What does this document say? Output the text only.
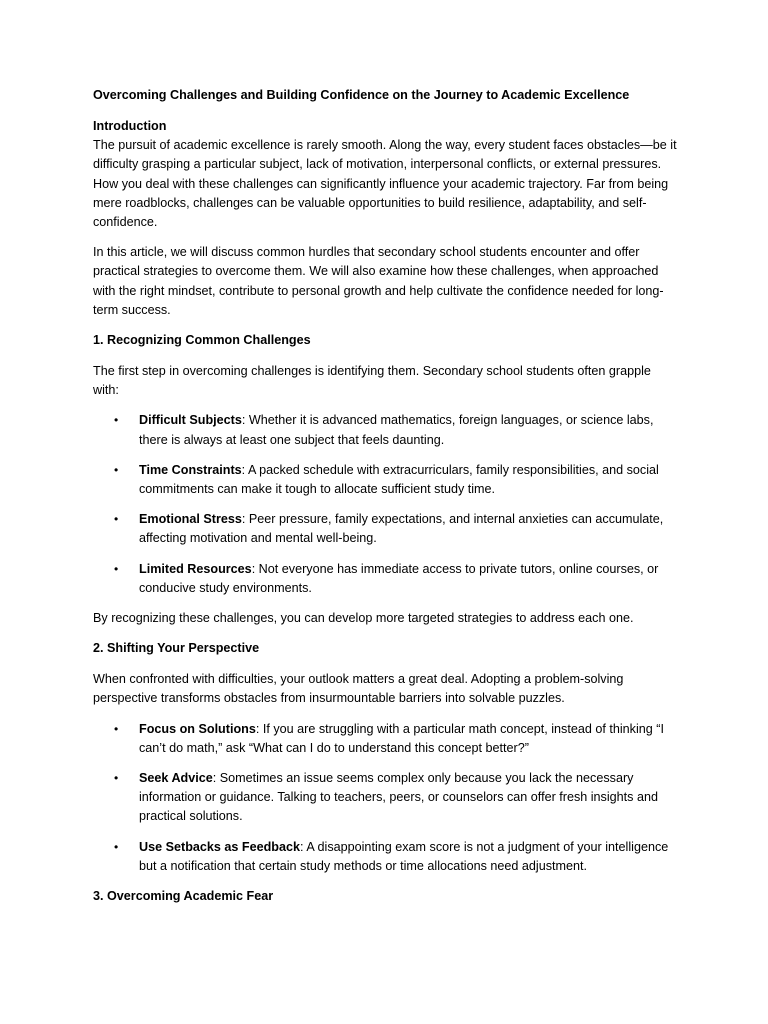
Overcoming Challenges and Building Confidence on the Journey to Academic Excellence
Introduction

The pursuit of academic excellence is rarely smooth. Along the way, every student faces obstacles—be it difficulty grasping a particular subject, lack of motivation, interpersonal conflicts, or external pressures. How you deal with these challenges can significantly influence your academic trajectory. Far from being mere roadblocks, challenges can be valuable opportunities to build resilience, adaptability, and self-confidence.

In this article, we will discuss common hurdles that secondary school students encounter and offer practical strategies to overcome them. We will also examine how these challenges, when approached with the right mindset, contribute to personal growth and help cultivate the confidence needed for long-term success.

1. Recognizing Common Challenges

The first step in overcoming challenges is identifying them. Secondary school students often grapple with:

• Difficult Subjects: Whether it is advanced mathematics, foreign languages, or science labs, there is always at least one subject that feels daunting.
• Time Constraints: A packed schedule with extracurriculars, family responsibilities, and social commitments can make it tough to allocate sufficient study time.
• Emotional Stress: Peer pressure, family expectations, and internal anxieties can accumulate, affecting motivation and mental well-being.
• Limited Resources: Not everyone has immediate access to private tutors, online courses, or conducive study environments.

By recognizing these challenges, you can develop more targeted strategies to address each one.

2. Shifting Your Perspective

When confronted with difficulties, your outlook matters a great deal. Adopting a problem-solving perspective transforms obstacles from insurmountable barriers into solvable puzzles.

• Focus on Solutions: If you are struggling with a particular math concept, instead of thinking “I can’t do math,” ask “What can I do to understand this concept better?”
• Seek Advice: Sometimes an issue seems complex only because you lack the necessary information or guidance. Talking to teachers, peers, or counselors can offer fresh insights and practical solutions.
• Use Setbacks as Feedback: A disappointing exam score is not a judgment of your intelligence but a notification that certain study methods or time allocations need adjustment.
3. Overcoming Academic Fear
